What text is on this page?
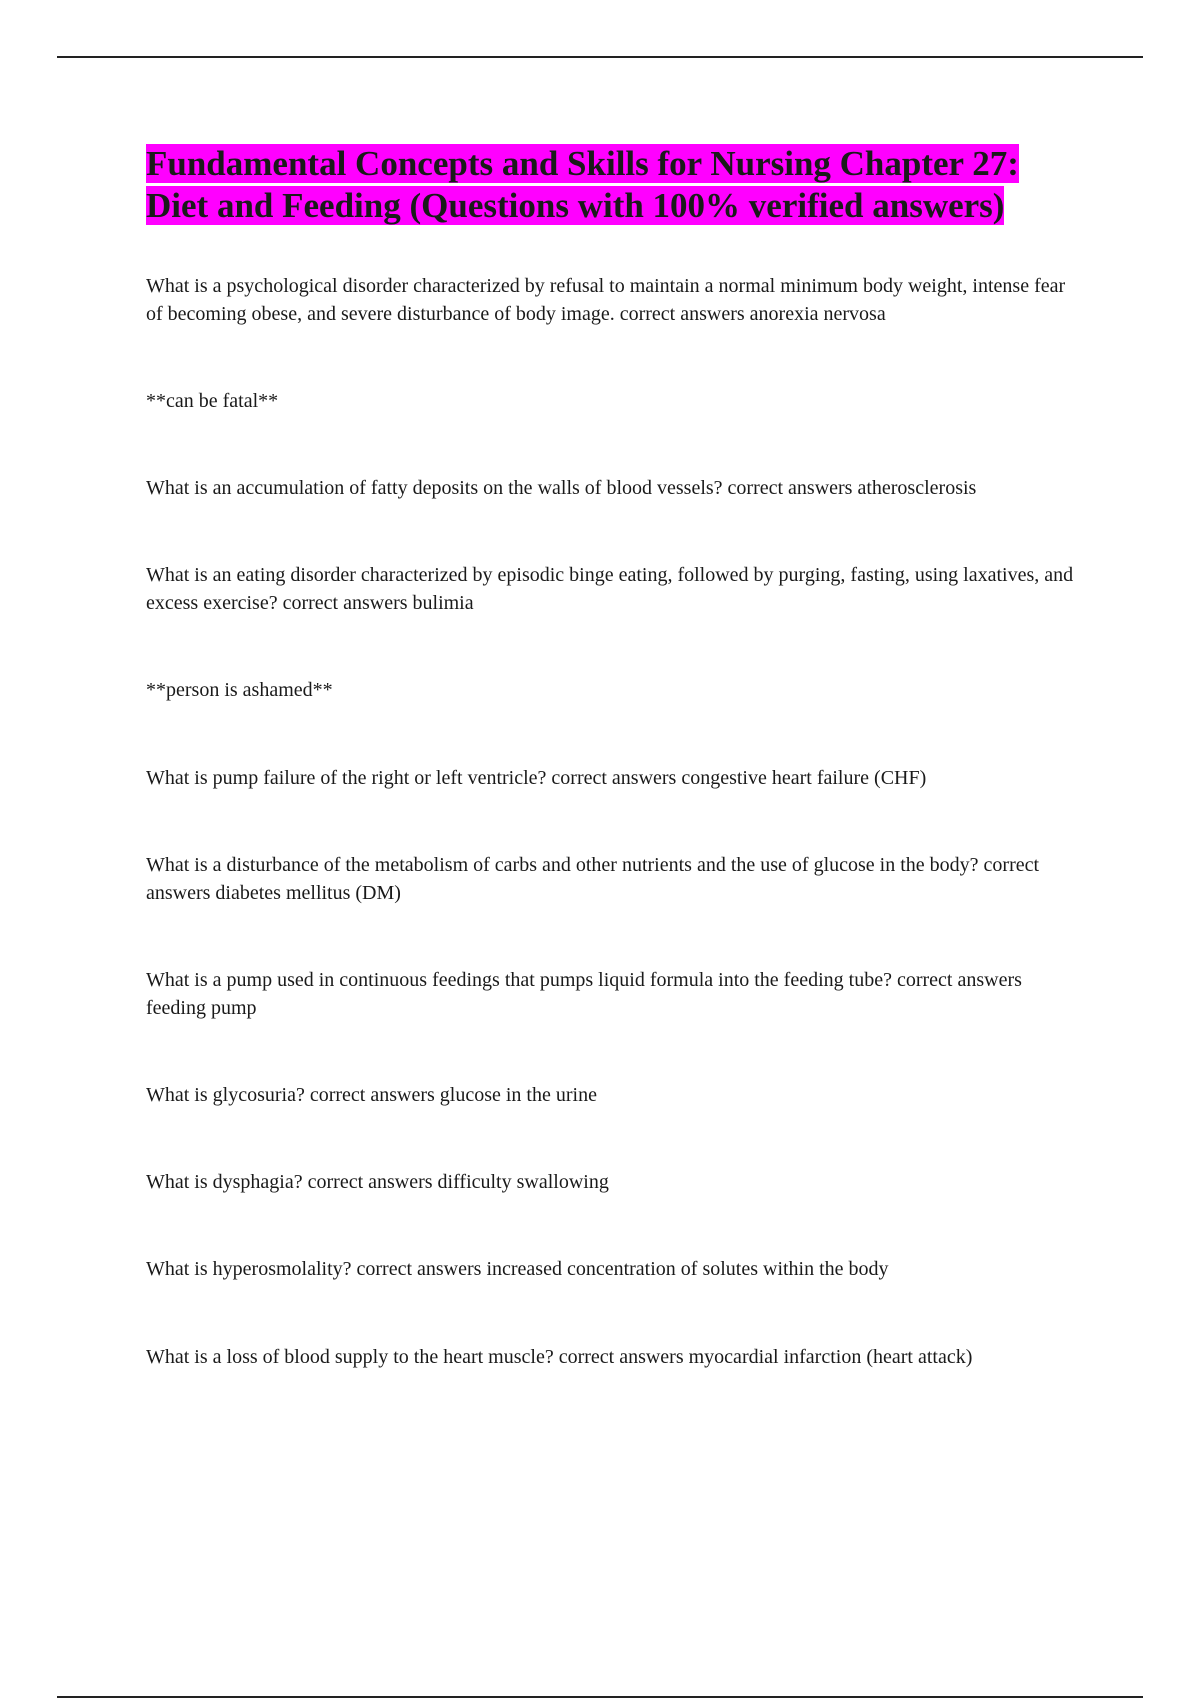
Fundamental Concepts and Skills for Nursing Chapter 27: Diet and Feeding (Questions with 100% verified answers)

What is a psychological disorder characterized by refusal to maintain a normal minimum body weight, intense fear of becoming obese, and severe disturbance of body image. correct answers anorexia nervosa

**can be fatal**

What is an accumulation of fatty deposits on the walls of blood vessels? correct answers atherosclerosis

What is an eating disorder characterized by episodic binge eating, followed by purging, fasting, using laxatives, and excess exercise? correct answers bulimia

**person is ashamed**

What is pump failure of the right or left ventricle? correct answers congestive heart failure (CHF)

What is a disturbance of the metabolism of carbs and other nutrients and the use of glucose in the body? correct answers diabetes mellitus (DM)

What is a pump used in continuous feedings that pumps liquid formula into the feeding tube? correct answers feeding pump

What is glycosuria? correct answers glucose in the urine

What is dysphagia? correct answers difficulty swallowing

What is hyperosmolality? correct answers increased concentration of solutes within the body

What is a loss of blood supply to the heart muscle? correct answers myocardial infarction (heart attack)
